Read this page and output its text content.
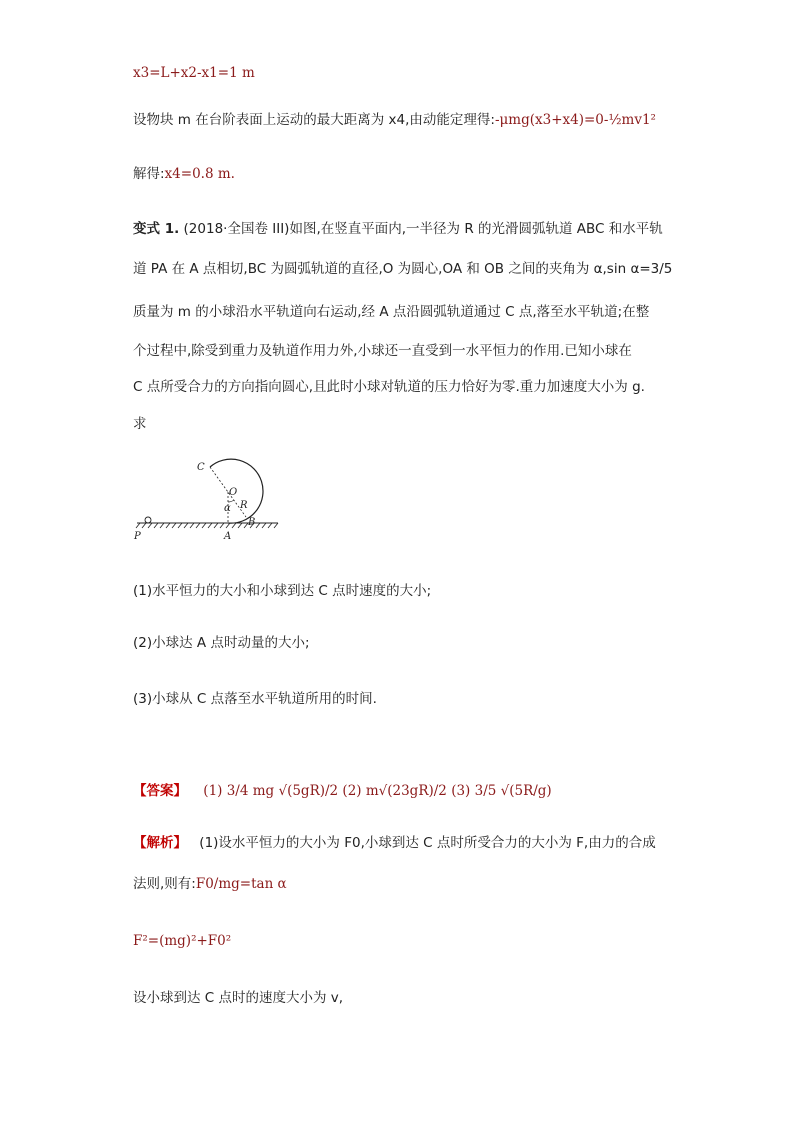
x3=L+x2-x1=1 m
设物块 m 在台阶表面上运动的最大距离为 x4,由动能定理得:-μmg(x3+x4)=0-½mv1²
解得:x4=0.8 m.
变式 1. (2018·全国卷 III)如图,在竖直平面内,一半径为 R 的光滑圆弧轨道 ABC 和水平轨
道 PA 在 A 点相切,BC 为圆弧轨道的直径,O 为圆心,OA 和 OB 之间的夹角为 α,sin α=3/5
质量为 m 的小球沿水平轨道向右运动,经 A 点沿圆弧轨道通过 C 点,落至水平轨道;在整
个过程中,除受到重力及轨道作用力外,小球还一直受到一水平恒力的作用.已知小球在
C 点所受合力的方向指向圆心,且此时小球对轨道的压力恰好为零.重力加速度大小为 g.
求
C
O
R
α
B
P	A
(1)水平恒力的大小和小球到达 C 点时速度的大小;
(2)小球达 A 点时动量的大小;
(3)小球从 C 点落至水平轨道所用的时间.
【答案】 (1) 3/4 mg √(5gR)/2 (2) m√(23gR)/2 (3) 3/5 √(5R/g)
【解析】 (1)设水平恒力的大小为 F0,小球到达 C 点时所受合力的大小为 F,由力的合成
法则,则有:F0/mg=tan α
F²=(mg)²+F0²
设小球到达 C 点时的速度大小为 v,
